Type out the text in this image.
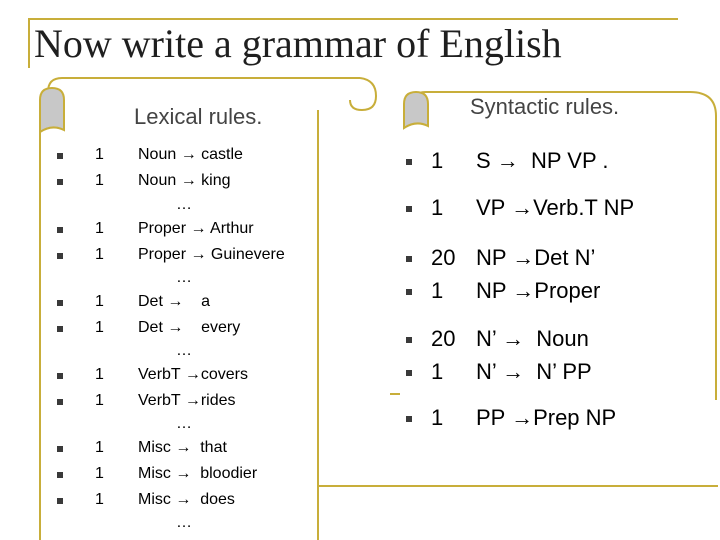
Now write a grammar of English
Lexical rules.
1 Noun → castle
1 Noun → king
…
1 Proper → Arthur
1 Proper → Guinevere
…
1 Det →    a
1 Det →    every
…
1 VerbT →covers
1 VerbT →rides
…
1 Misc →  that
1 Misc →  bloodier
1 Misc →  does
…
Syntactic rules.
1 S →  NP VP .
1 VP →Verb.T NP
20 NP →Det N’
1 NP →Proper
20 N’ →  Noun
1 N’ →  N’ PP
1 PP →Prep NP
